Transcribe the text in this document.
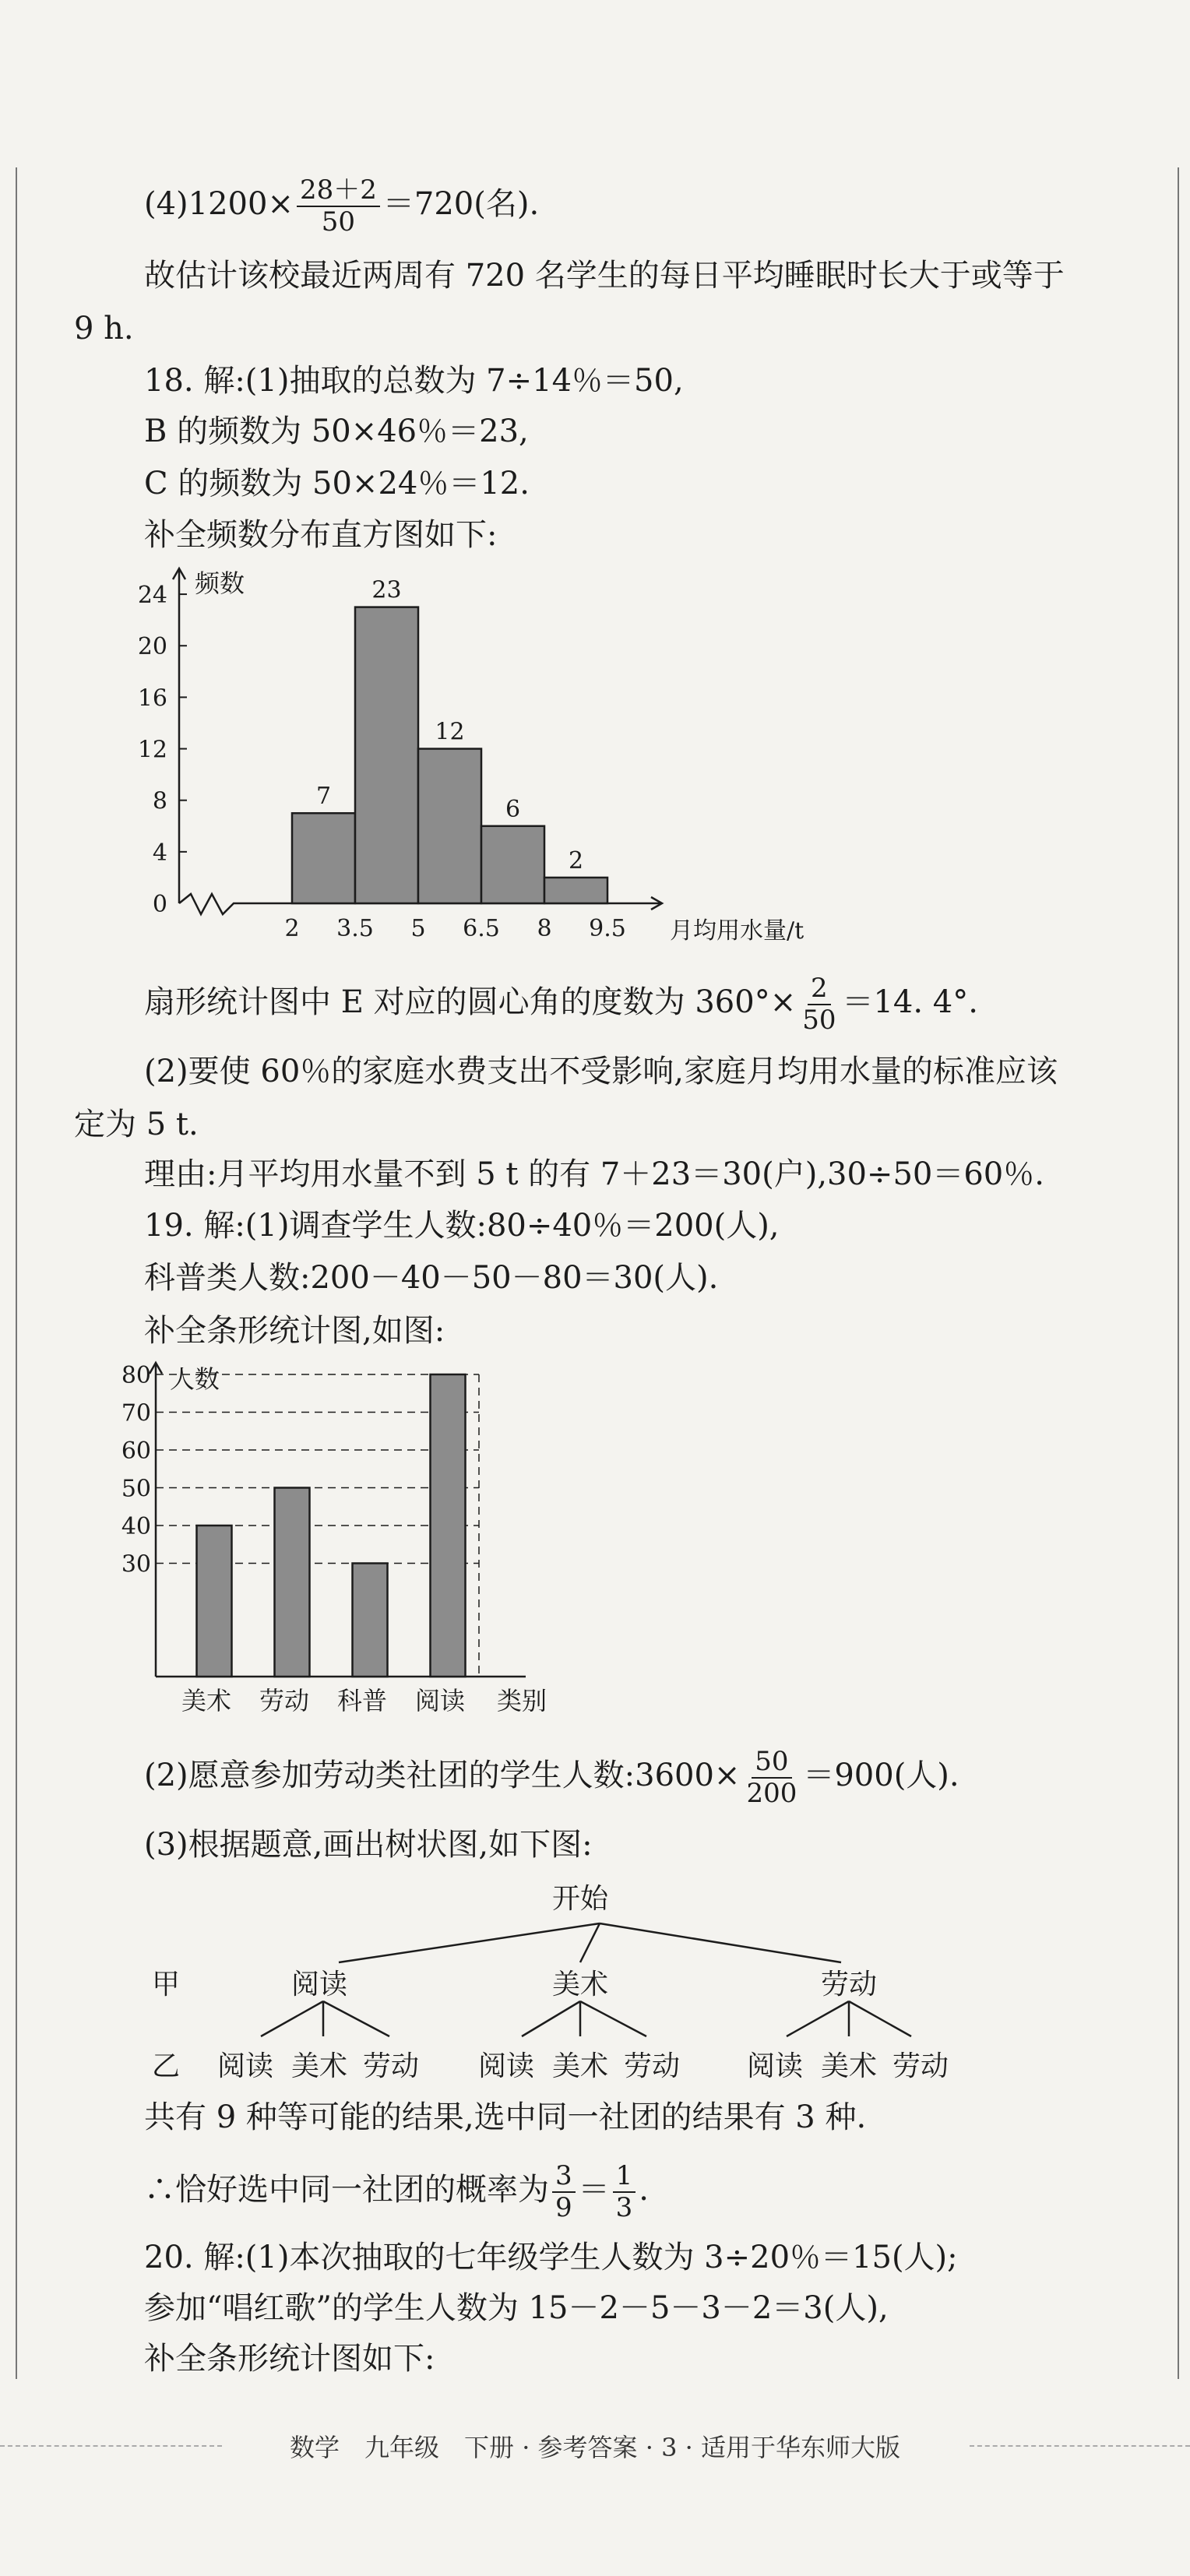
$(4)1200\times \frac{28+2}{50} =720$(名).
故估计该校最近两周有 720 名学生的每日平均睡眠时长大于或等于
9 h.
18. 解:(1)抽取的总数为 7÷14％＝50,
B 的频数为 50×46％＝23,
C 的频数为 50×24％＝12.
补全频数分布直方图如下:
0
4
8
12
16
20
24 频数
2 3.5 5 6.5 8 9.5 月均用水量/t
7
23
12
6
2
扇形统计图中 E 对应的圆心角的度数为 $360^\circ\times \frac{2}{50} =14$. 4°.
(2)要使 60％的家庭水费支出不受影响,家庭月均用水量的标准应该
定为 5 t.
理由:月平均用水量不到 5 t 的有 7＋23＝30(户),30÷50＝60％.
19. 解:(1)调查学生人数:80÷40％＝200(人),
科普类人数:200－40－50－80＝30(人).
补全条形统计图,如图:
人数
30
40
50
60
70
80
美术 劳动 科普 阅读 类别
(2)愿意参加劳动类社团的学生人数:3600× $\frac{50}{200} =900$(人).
(3)根据题意,画出树状图,如下图:
开始
甲
乙
阅读	美术	劳动
阅读 美术 劳动 阅读 美术 劳动 阅读 美术 劳动
共有 9 种等可能的结果,选中同一社团的结果有 3 种.
∴恰好选中同一社团的概率为 $\frac{3}{9} = \frac{1}{3}$ .
20. 解:(1)本次抽取的七年级学生人数为 3÷20％＝15(人);
参加“唱红歌”的学生人数为 15－2－5－3－2＝3(人),
补全条形统计图如下:
数学　九年级　下册 · 参考答案 · 3 · 适用于华东师大版
